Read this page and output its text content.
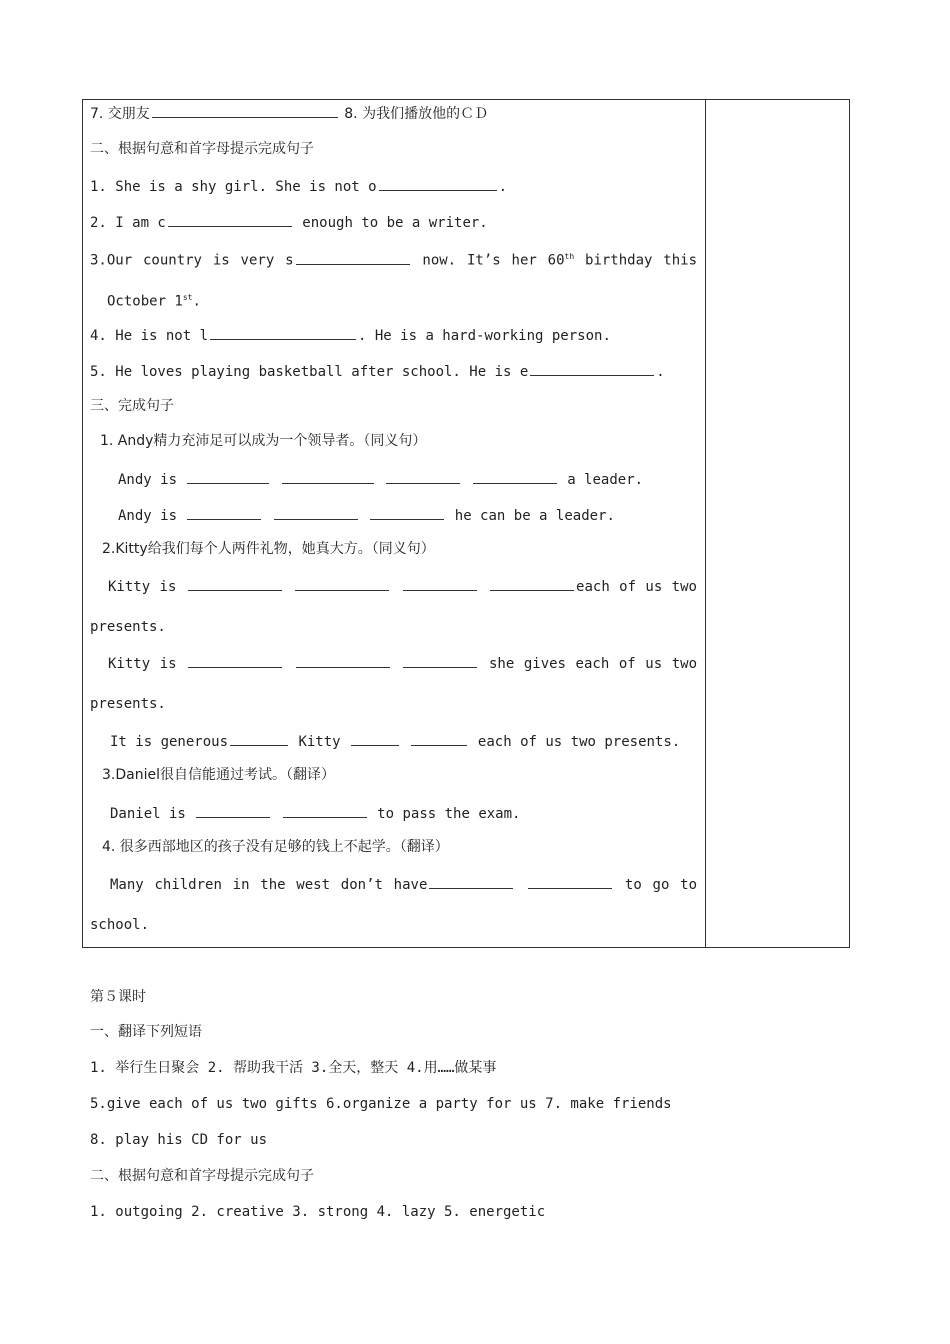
7. 交朋友	8. 为我们播放他的ＣＤ
二、根据句意和首字母提示完成句子
1. She is a shy girl. She is not o	.
2. I am c	enough to be a writer.
3.Our country is very s	now. It’s her 60th birthday this
October 1st.
4. He is not l	. He is a hard-working person.
5. He loves playing basketball after school. He is e	.
三、完成句子
1. Andy精力充沛足可以成为一个领导者。（同义句）
Andy is	a leader.
Andy is	he can be a leader.
2.Kitty给我们每个人两件礼物，她真大方。（同义句）
Kitty is	each of us two
presents.
Kitty is	she gives each of us two
presents.
It is generous	Kitty	each of us two presents.
3.Daniel很自信能通过考试。（翻译）
Daniel is	to pass the exam.
4. 很多西部地区的孩子没有足够的钱上不起学。（翻译）
Many children in the west don’t have	to go to
school.
第５课时
一、翻译下列短语
1. 举行生日聚会 2. 帮助我干活 3.全天，整天 4.用……做某事
5.give each of us two gifts 6.organize a party for us 7. make friends
8. play his CD for us
二、根据句意和首字母提示完成句子
1. outgoing 2. creative 3. strong 4. lazy 5. energetic
